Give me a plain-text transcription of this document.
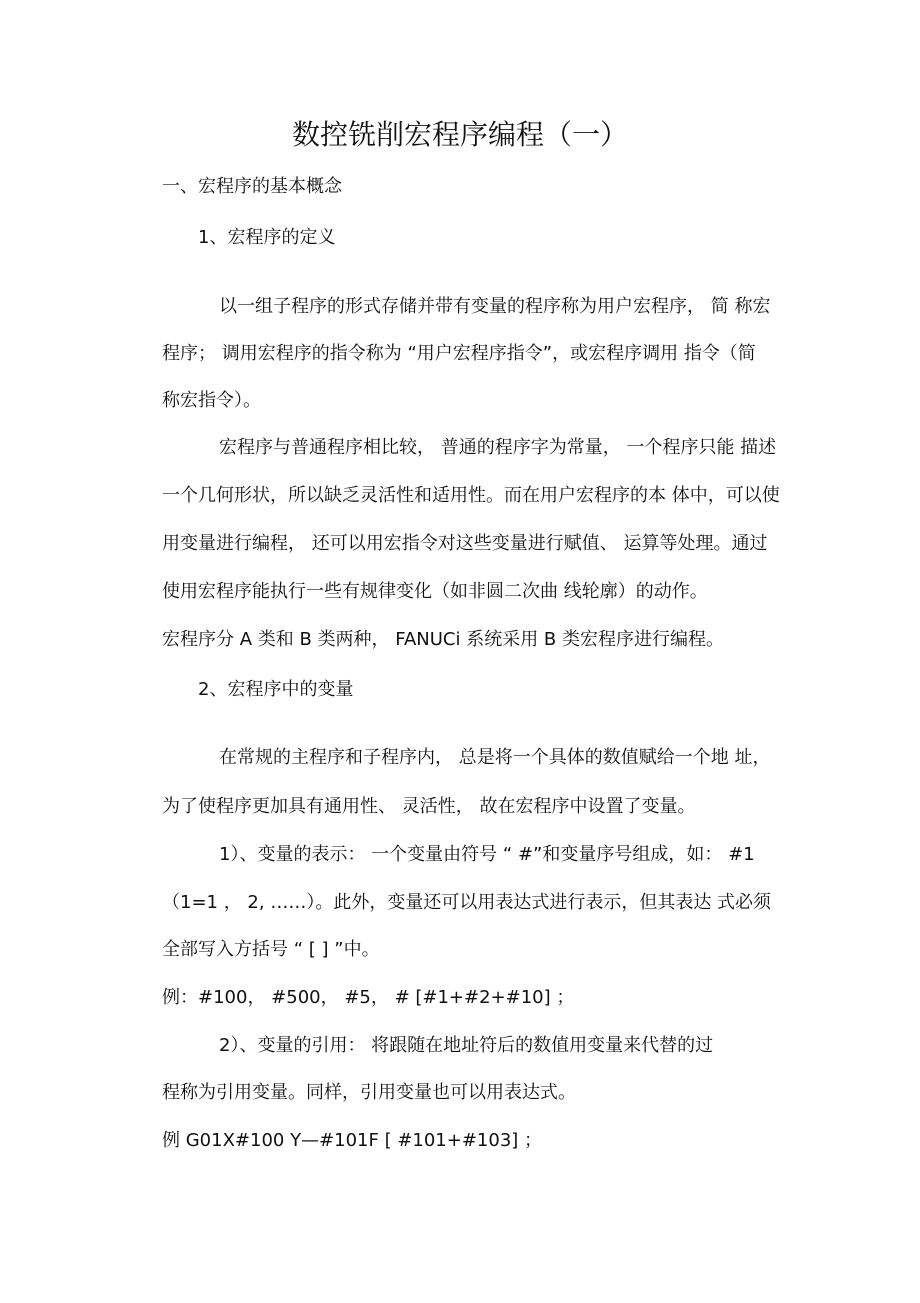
数控铣削宏程序编程（一）
一、宏程序的基本概念
1、宏程序的定义
以一组子程序的形式存储并带有变量的程序称为用户宏程序， 简 称宏
程序； 调用宏程序的指令称为 “用户宏程序指令”，或宏程序调用 指令（简
称宏指令）。
宏程序与普通程序相比较， 普通的程序字为常量， 一个程序只能 描述
一个几何形状，所以缺乏灵活性和适用性。而在用户宏程序的本 体中，可以使
用变量进行编程， 还可以用宏指令对这些变量进行赋值、 运算等处理。通过
使用宏程序能执行一些有规律变化（如非圆二次曲 线轮廓）的动作。
宏程序分 A 类和 B 类两种， FANUCi 系统采用 B 类宏程序进行编程。
2、宏程序中的变量
在常规的主程序和子程序内， 总是将一个具体的数值赋给一个地 址，
为了使程序更加具有通用性、 灵活性， 故在宏程序中设置了变量。
1）、变量的表示： 一个变量由符号 “ #”和变量序号组成，如： #1
（1=1 ， 2, ……）。此外，变量还可以用表达式进行表示，但其表达 式必须
全部写入方括号 “ [ ] ”中。
例：#100， #500， #5， # [#1+#2+#10] ；
2）、变量的引用： 将跟随在地址符后的数值用变量来代替的过
程称为引用变量。同样，引用变量也可以用表达式。
例 G01X#100 Y—#101F [ #101+#103] ；
